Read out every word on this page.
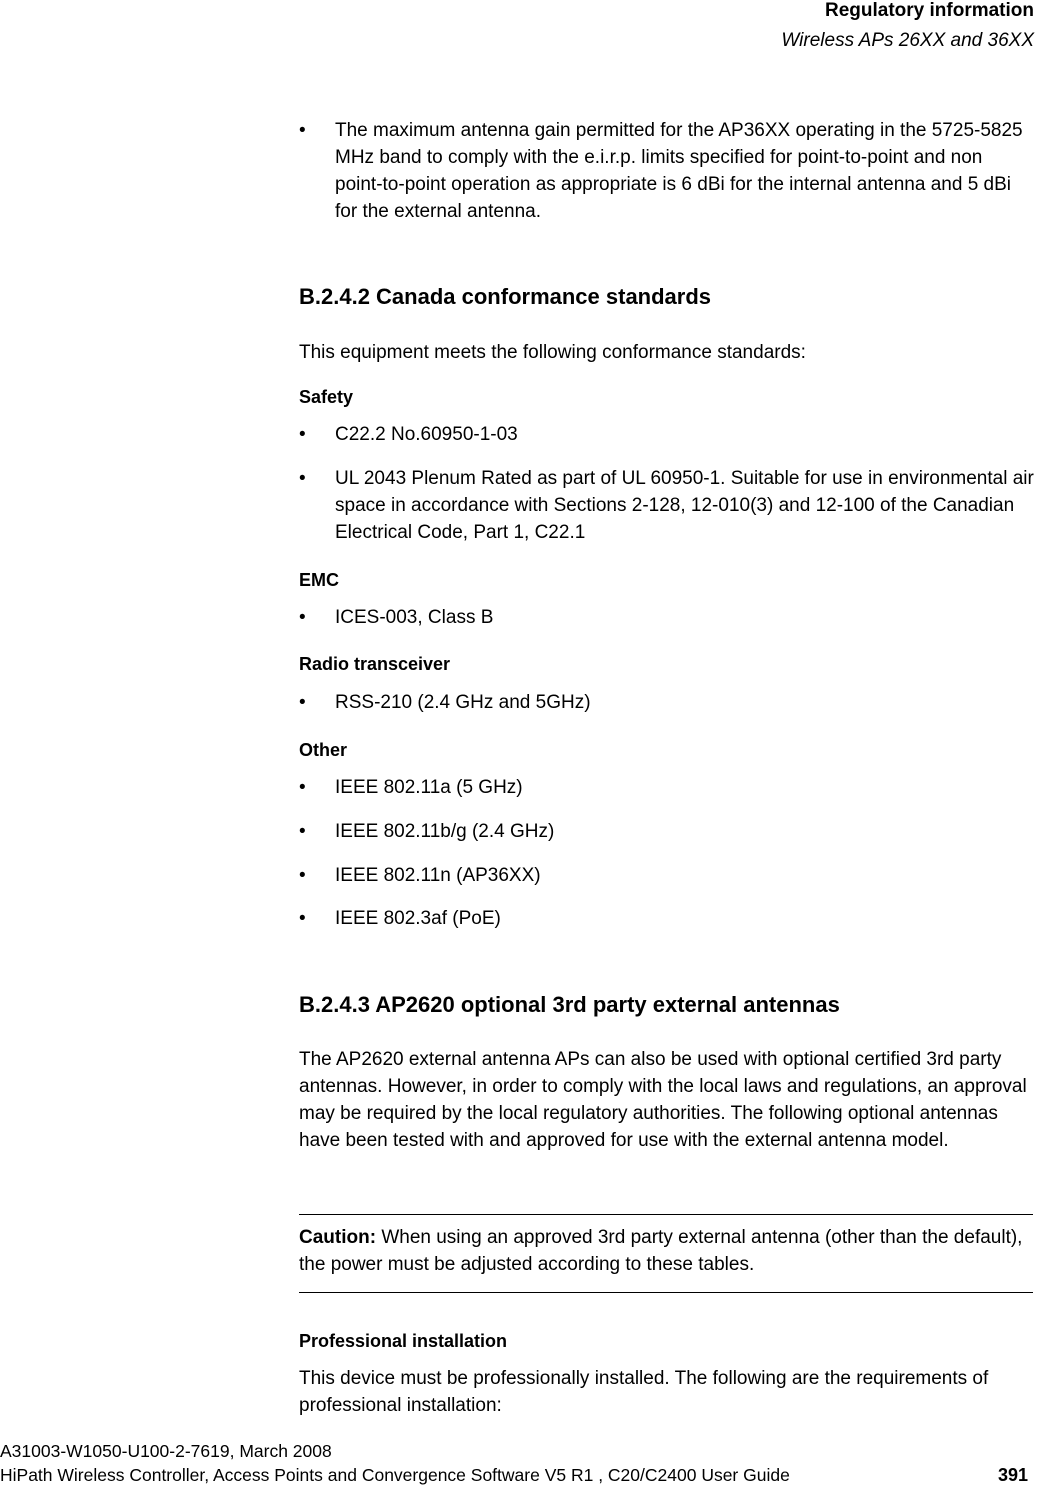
Regulatory information
Wireless APs 26XX and 36XX
•	The maximum antenna gain permitted for the AP36XX operating in the 5725-5825 MHz band to comply with the e.i.r.p. limits specified for point-to-point and non point-to-point operation as appropriate is 6 dBi for the internal antenna and 5 dBi for the external antenna.
B.2.4.2 Canada conformance standards
This equipment meets the following conformance standards:
Safety
•	C22.2 No.60950-1-03
•	UL 2043 Plenum Rated as part of UL 60950-1. Suitable for use in environmental air space in accordance with Sections 2-128, 12-010(3) and 12-100 of the Canadian Electrical Code, Part 1, C22.1
EMC
•	ICES-003, Class B
Radio transceiver
•	RSS-210 (2.4 GHz and 5GHz)
Other
•	IEEE 802.11a (5 GHz)
•	IEEE 802.11b/g (2.4 GHz)
•	IEEE 802.11n (AP36XX)
•	IEEE 802.3af (PoE)
B.2.4.3 AP2620 optional 3rd party external antennas
The AP2620 external antenna APs can also be used with optional certified 3rd party antennas. However, in order to comply with the local laws and regulations, an approval may be required by the local regulatory authorities. The following optional antennas have been tested with and approved for use with the external antenna model.
Caution: When using an approved 3rd party external antenna (other than the default), the power must be adjusted according to these tables.
Professional installation
This device must be professionally installed. The following are the requirements of professional installation:
A31003-W1050-U100-2-7619, March 2008
HiPath Wireless Controller, Access Points and Convergence Software V5 R1 , C20/C2400 User Guide	391
